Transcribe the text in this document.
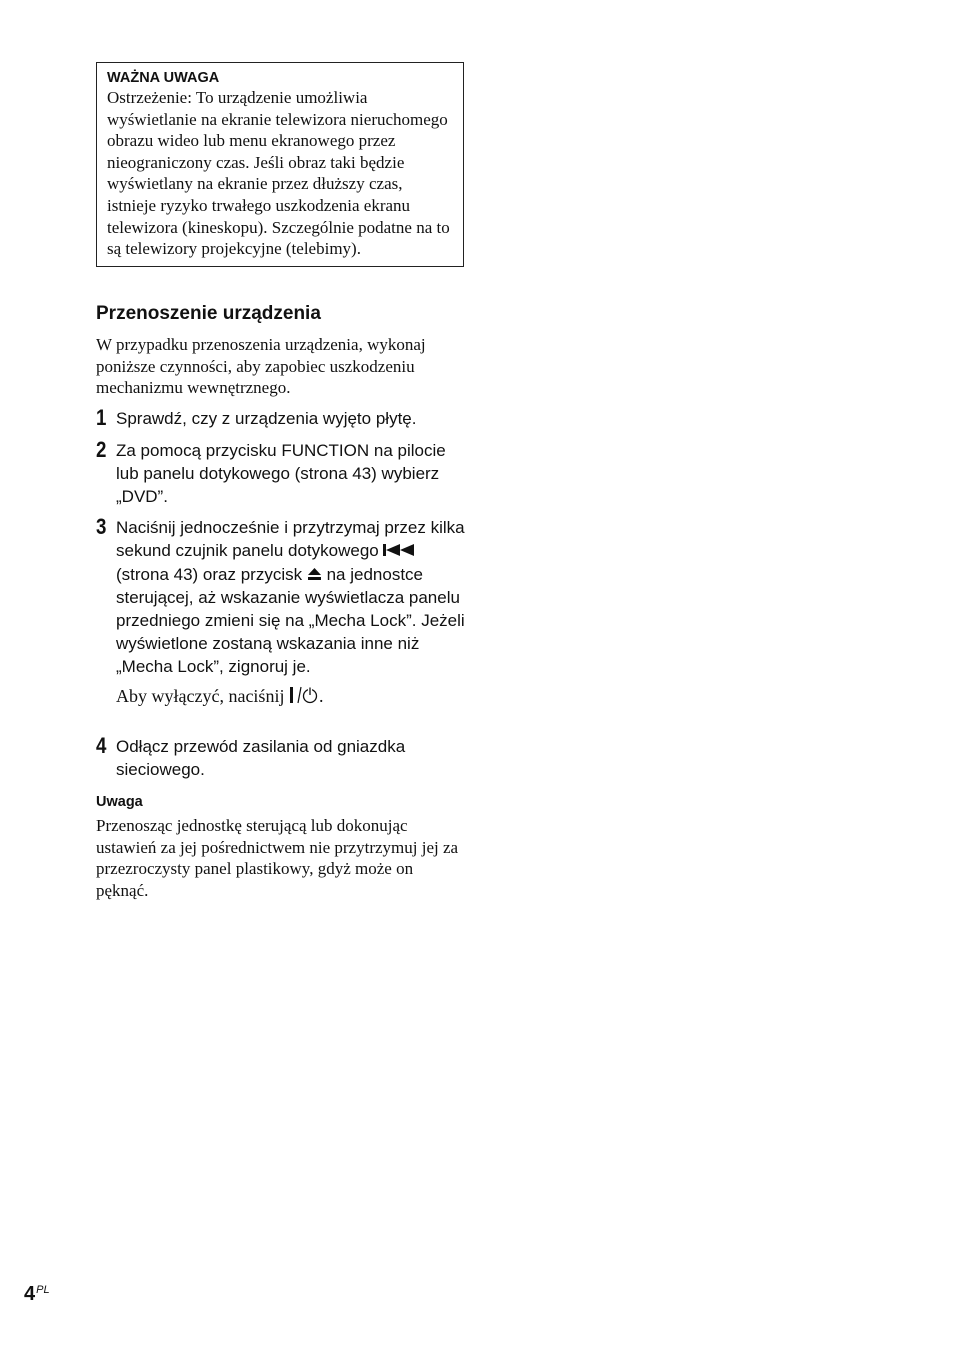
WAŻNA UWAGA
Ostrzeżenie: To urządzenie umożliwia wyświetlanie na ekranie telewizora nieruchomego obrazu wideo lub menu ekranowego przez nieograniczony czas. Jeśli obraz taki będzie wyświetlany na ekranie przez dłuższy czas, istnieje ryzyko trwałego uszkodzenia ekranu telewizora (kineskopu). Szczególnie podatne na to są telewizory projekcyjne (telebimy).
Przenoszenie urządzenia
W przypadku przenoszenia urządzenia, wykonaj poniższe czynności, aby zapobiec uszkodzeniu mechanizmu wewnętrznego.
1 Sprawdź, czy z urządzenia wyjęto płytę.
2 Za pomocą przycisku FUNCTION na pilocie lub panelu dotykowego (strona 43) wybierz „DVD”.
3 Naciśnij jednocześnie i przytrzymaj przez kilka sekund czujnik panelu dotykowego  (strona 43) oraz przycisk na jednostce sterującej, aż wskazanie wyświetlacza panelu przedniego zmieni się na „Mecha Lock”. Jeżeli wyświetlone zostaną wskazania inne niż „Mecha Lock”, zignoruj je.
Aby wyłączyć, naciśnij .
4 Odłącz przewód zasilania od gniazdka sieciowego.
Uwaga
Przenosząc jednostkę sterującą lub dokonując ustawień za jej pośrednictwem nie przytrzymuj jej za przezroczysty panel plastikowy, gdyż może on pęknąć.
$4^{PL}$
